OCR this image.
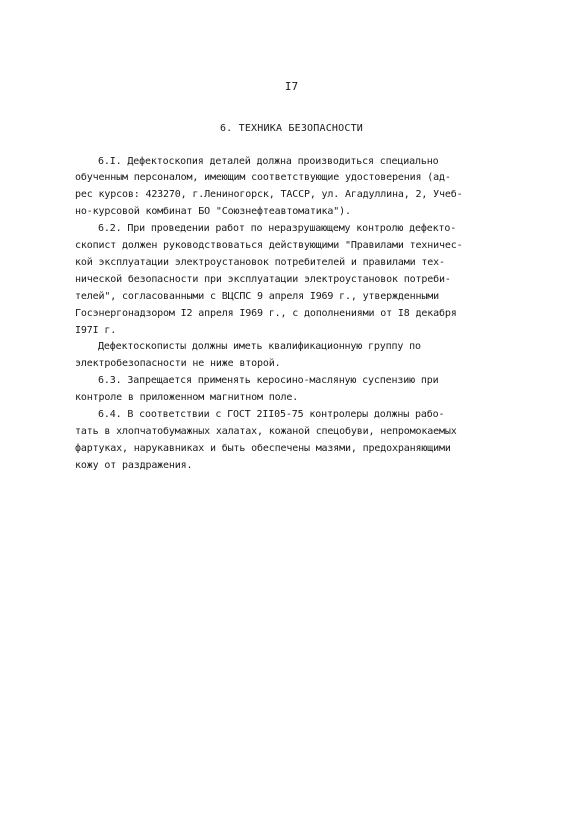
I7
6. ТЕХНИКА БЕЗОПАСНОСТИ
6.I. Дефектоскопия деталей должна производиться специально
обученным персоналом, имеющим соответствующие удостоверения (ад-
рес курсов: 423270, г.Лениногорск, ТАССР, ул. Агадуллина, 2, Учеб-
но-курсовой комбинат БО "Союзнефтеавтоматика").
6.2. При проведении работ по неразрушающему контролю дефекто-
скопист должен руководствоваться действующими "Правилами техничес-
кой эксплуатации электроустановок потребителей и правилами тех-
нической безопасности при эксплуатации электроустановок потреби-
телей", согласованными с ВЦСПС 9 апреля I969 г., утвержденными
Госэнергонадзором I2 апреля I969 г., с дополнениями от I8 декабря
I97I г.
Дефектоскописты должны иметь квалификационную группу по
электробезопасности не ниже второй.
6.3. Запрещается применять керосино-масляную суспензию при
контроле в приложенном магнитном поле.
6.4. В соответствии с ГОСТ 2II05-75 контролеры должны рабо-
тать в хлопчатобумажных халатах, кожаной спецобуви, непромокаемых
фартуках, нарукавниках и быть обеспечены мазями, предохраняющими
кожу от раздражения.
